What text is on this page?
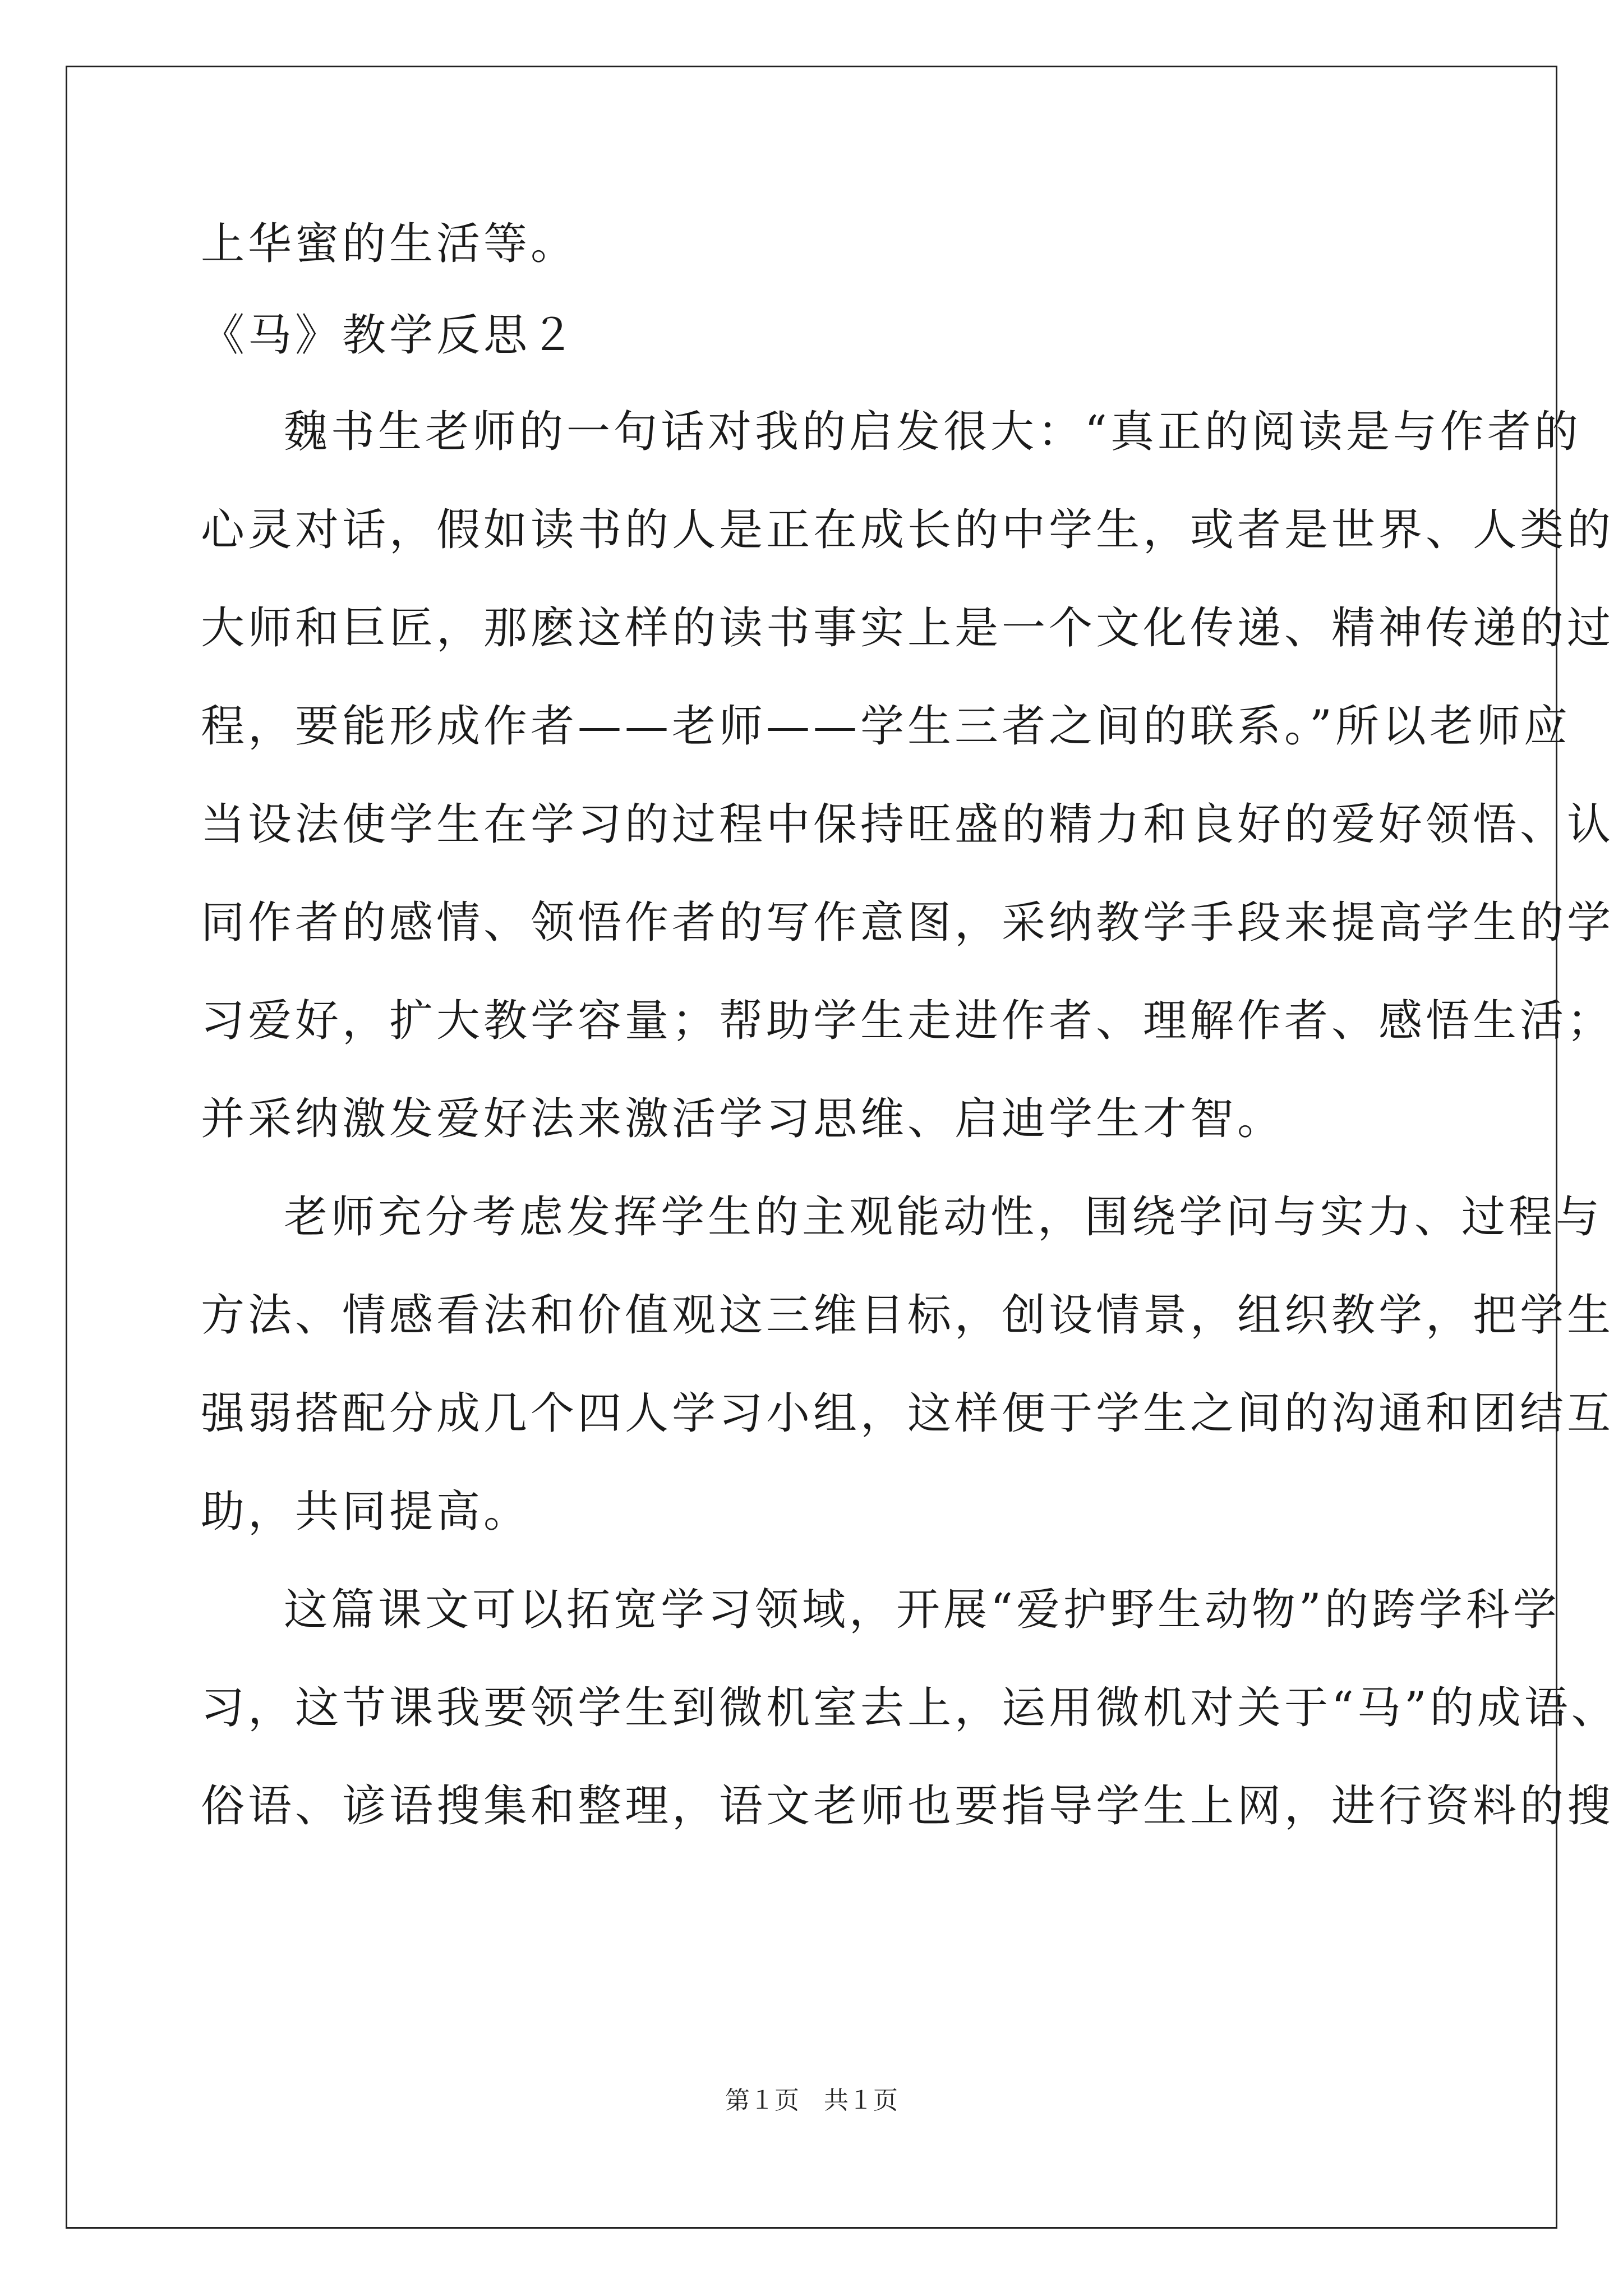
上华蜜的生活等。
《马》教学反思２
魏书生老师的一句话对我的启发很大：“真正的阅读是与作者的
心灵对话，假如读书的人是正在成长的中学生，或者是世界、人类的
大师和巨匠，那麽这样的读书事实上是一个文化传递、精神传递的过
程，要能形成作者——老师——学生三者之间的联系。”所以老师应
当设法使学生在学习的过程中保持旺盛的精力和良好的爱好领悟、认
同作者的感情、领悟作者的写作意图，采纳教学手段来提高学生的学
习爱好，扩大教学容量；帮助学生走进作者、理解作者、感悟生活；
并采纳激发爱好法来激活学习思维、启迪学生才智。
老师充分考虑发挥学生的主观能动性，围绕学问与实力、过程与
方法、情感看法和价值观这三维目标，创设情景，组织教学，把学生
强弱搭配分成几个四人学习小组，这样便于学生之间的沟通和团结互
助，共同提高。
这篇课文可以拓宽学习领域，开展“爱护野生动物”的跨学科学
习，这节课我要领学生到微机室去上，运用微机对关于“马”的成语、
俗语、谚语搜集和整理，语文老师也要指导学生上网，进行资料的搜
第１页　共１页
